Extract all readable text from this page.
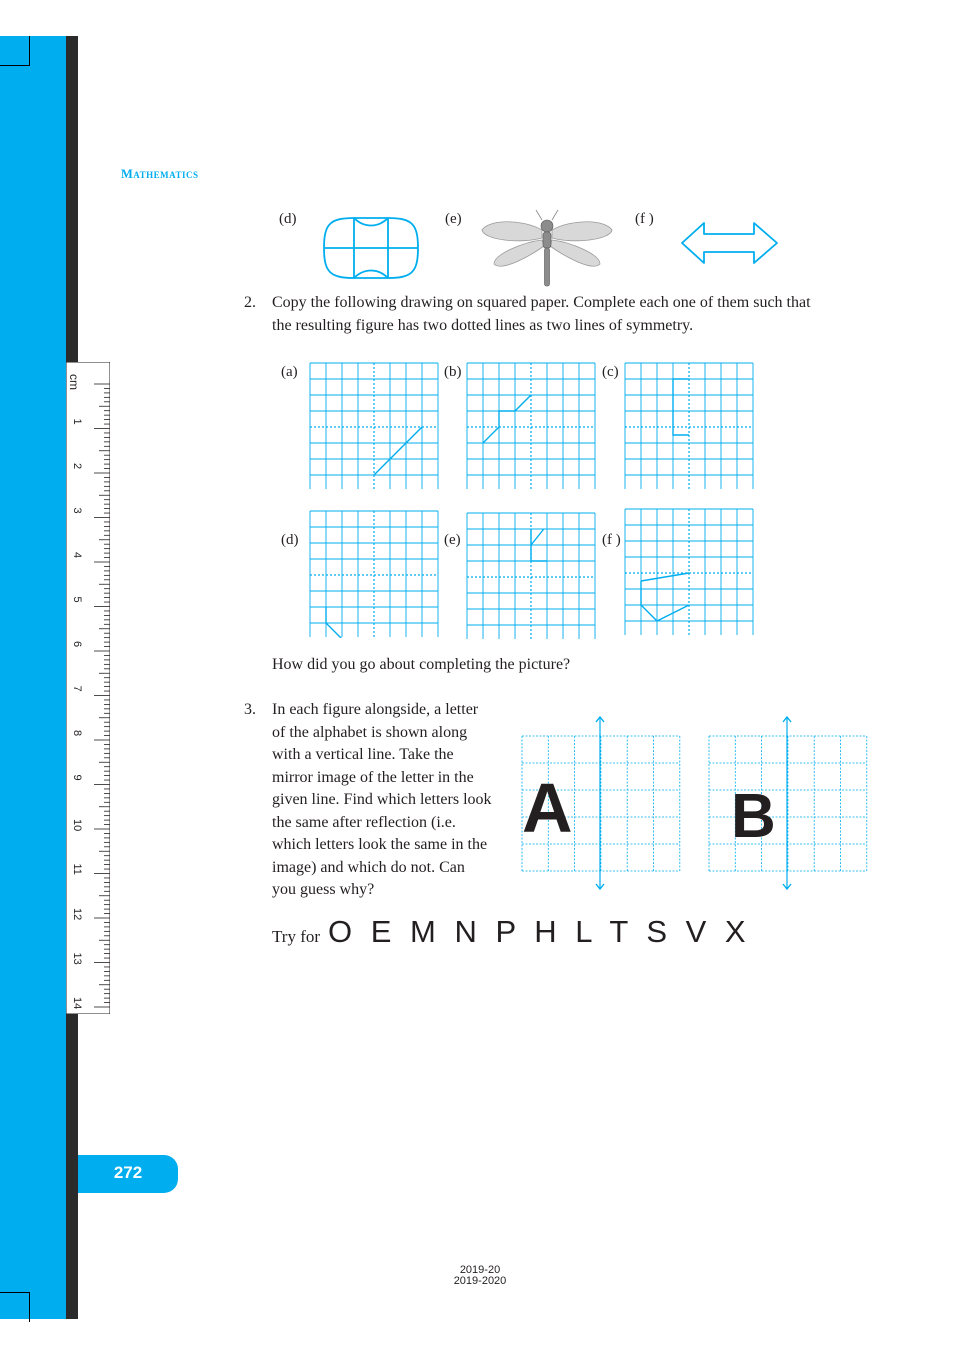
cm
1
2
3
4
5
6
7
8
9
10
11
12
13
14
Mathematics
(d)	(e)	(f )
2. Copy the following drawing on squared paper. Complete each one of them such that
the resulting figure has two dotted lines as two lines of symmetry.
(a)	(b)	(c)
(d)	(e)	(f )
How did you go about completing the picture?
3. In each figure alongside, a letter
of the alphabet is shown along
with a vertical line. Take the
mirror image of the letter in the
given line. Find which letters look
the same after reflection (i.e.
which letters look the same in the
image) and which do not. Can
you guess why?
A	B
Try for O E M N P H L T S V X
272
2019-20
2019-2020
